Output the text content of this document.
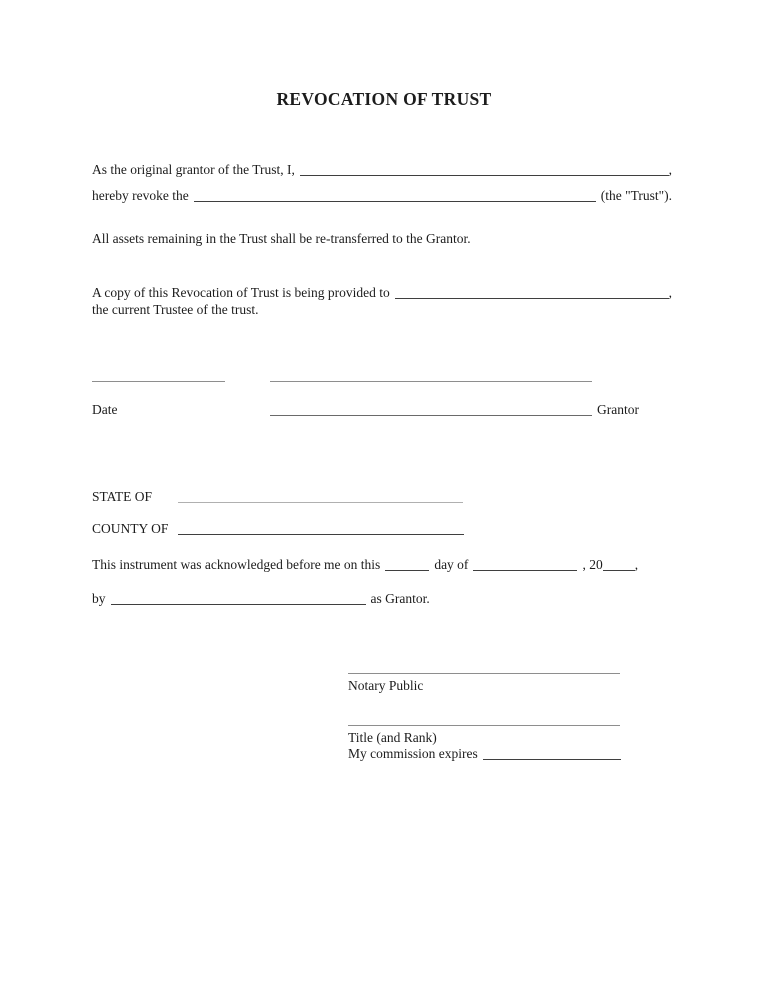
REVOCATION OF TRUST
As the original grantor of the Trust, I,	,
hereby revoke the	(the "Trust").
All assets remaining in the Trust shall be re-transferred to the Grantor.
A copy of this Revocation of Trust is being provided to	,
the current Trustee of the trust.
Date	Grantor
STATE OF
COUNTY OF
This instrument was acknowledged before me on this	day of	, 20 ,
by	as Grantor.
Notary Public
Title (and Rank)
My commission expires
